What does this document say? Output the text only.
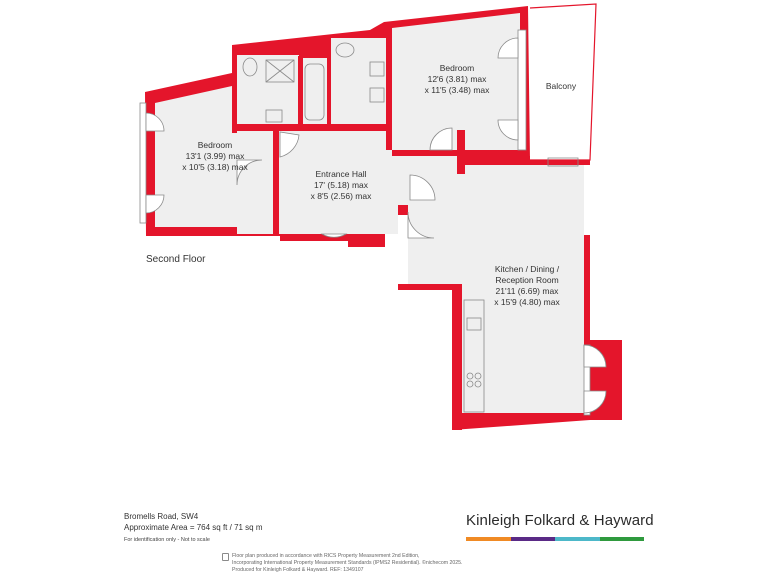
Bedroom
13'1 (3.99) max
x 10'5 (3.18) max
Bedroom
12'6 (3.81) max
x 11'5 (3.48) max
Entrance Hall
17' (5.18) max
x 8'5 (2.56) max
Kitchen / Dining /
Reception Room
21'11 (6.69) max
x 15'9 (4.80) max
Balcony
Second Floor
Bromells Road, SW4
Approximate Area = 764 sq ft / 71 sq m
For identification only - Not to scale
Kinleigh Folkard & Hayward
Floor plan produced in accordance with RICS Property Measurement 2nd Edition,
Incorporating International Property Measurement Standards (IPMS2 Residential). ©nichecom 2025.
Produced for Kinleigh Folkard & Hayward. REF: 1349107
